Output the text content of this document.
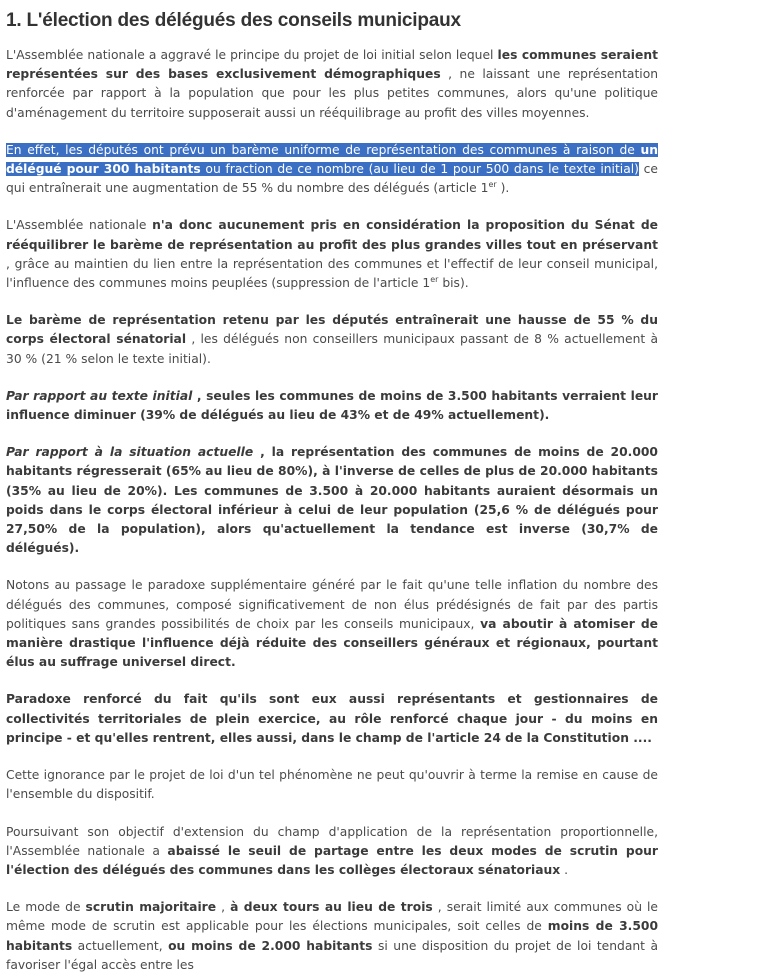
1. L'élection des délégués des conseils municipaux

L'Assemblée nationale a aggravé le principe du projet de loi initial selon lequel les communes seraient représentées sur des bases exclusivement démographiques , ne laissant une représentation renforcée par rapport à la population que pour les plus petites communes, alors qu'une politique d'aménagement du territoire supposerait aussi un rééquilibrage au profit des villes moyennes.

En effet, les députés ont prévu un barème uniforme de représentation des communes à raison de un délégué pour 300 habitants ou fraction de ce nombre (au lieu de 1 pour 500 dans le texte initial) ce qui entraînerait une augmentation de 55 % du nombre des délégués (article 1er ).

L'Assemblée nationale n'a donc aucunement pris en considération la proposition du Sénat de rééquilibrer le barème de représentation au profit des plus grandes villes tout en préservant , grâce au maintien du lien entre la représentation des communes et l'effectif de leur conseil municipal, l'influence des communes moins peuplées (suppression de l'article 1er bis).

Le barème de représentation retenu par les députés entraînerait une hausse de 55 % du corps électoral sénatorial , les délégués non conseillers municipaux passant de 8 % actuellement à 30 % (21 % selon le texte initial).

Par rapport au texte initial , seules les communes de moins de 3.500 habitants verraient leur influence diminuer (39% de délégués au lieu de 43% et de 49% actuellement).

Par rapport à la situation actuelle , la représentation des communes de moins de 20.000 habitants régresserait (65% au lieu de 80%), à l'inverse de celles de plus de 20.000 habitants (35% au lieu de 20%). Les communes de 3.500 à 20.000 habitants auraient désormais un poids dans le corps électoral inférieur à celui de leur population (25,6 % de délégués pour 27,50% de la population), alors qu'actuellement la tendance est inverse (30,7% de délégués).

Notons au passage le paradoxe supplémentaire généré par le fait qu'une telle inflation du nombre des délégués des communes, composé significativement de non élus prédésignés de fait par des partis politiques sans grandes possibilités de choix par les conseils municipaux, va aboutir à atomiser de manière drastique l'influence déjà réduite des conseillers généraux et régionaux, pourtant élus au suffrage universel direct.

Paradoxe renforcé du fait qu'ils sont eux aussi représentants et gestionnaires de collectivités territoriales de plein exercice, au rôle renforcé chaque jour - du moins en principe - et qu'elles rentrent, elles aussi, dans le champ de l'article 24 de la Constitution ....

Cette ignorance par le projet de loi d'un tel phénomène ne peut qu'ouvrir à terme la remise en cause de l'ensemble du dispositif.

Poursuivant son objectif d'extension du champ d'application de la représentation proportionnelle, l'Assemblée nationale a abaissé le seuil de partage entre les deux modes de scrutin pour l'élection des délégués des communes dans les collèges électoraux sénatoriaux .

Le mode de scrutin majoritaire , à deux tours au lieu de trois , serait limité aux communes où le même mode de scrutin est applicable pour les élections municipales, soit celles de moins de 3.500 habitants actuellement, ou moins de 2.000 habitants si une disposition du projet de loi tendant à favoriser l'égal accès entre les
